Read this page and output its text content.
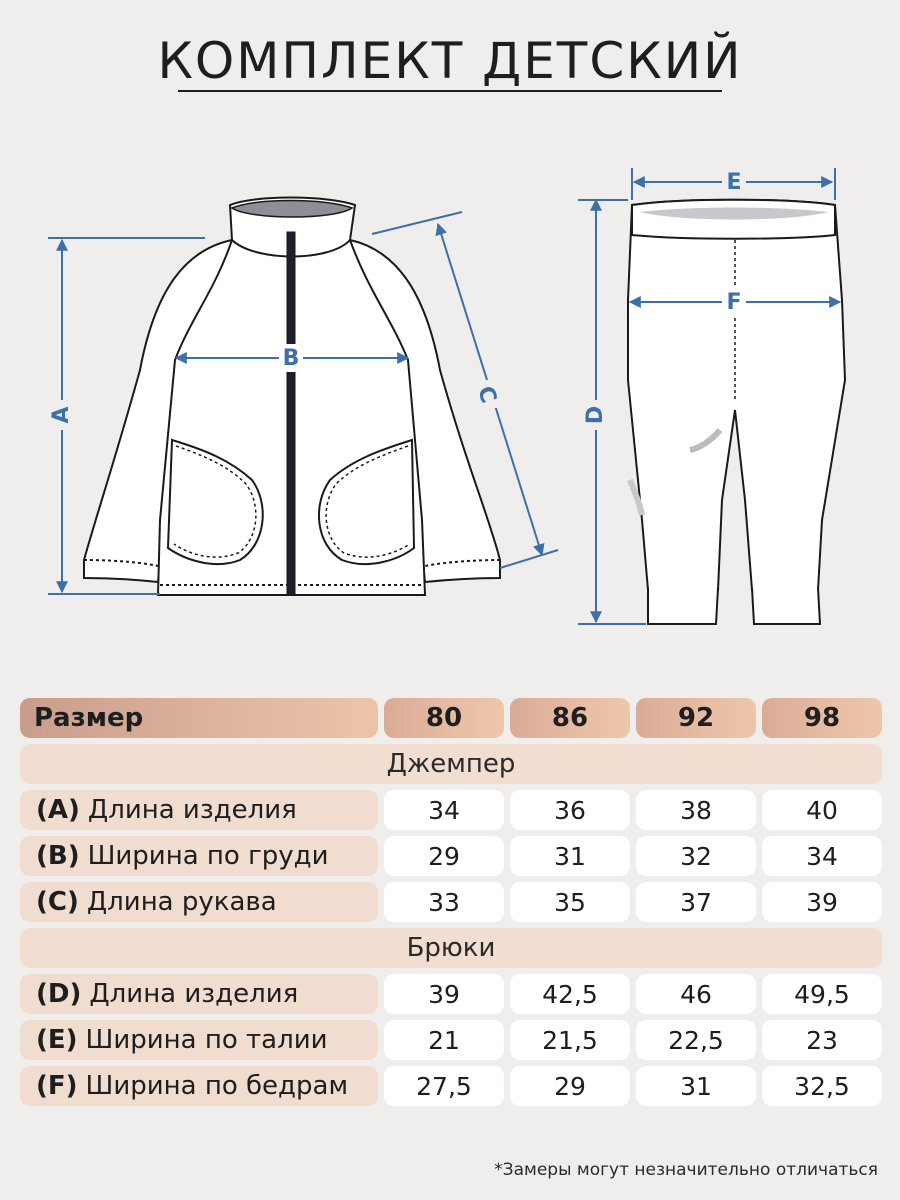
КОМПЛЕКТ ДЕТСКИЙ
A
B
C
D
E
F
Размер	80	86	92	98
Джемпер
(A) Длина изделия	34	36	38	40
(B) Ширина по груди	29	31	32	34
(C) Длина рукава	33	35	37	39
Брюки
(D) Длина изделия	39	42,5	46	49,5
(E) Ширина по талии	21	21,5	22,5	23
(F) Ширина по бедрам	27,5	29	31	32,5
*Замеры могут незначительно отличаться
